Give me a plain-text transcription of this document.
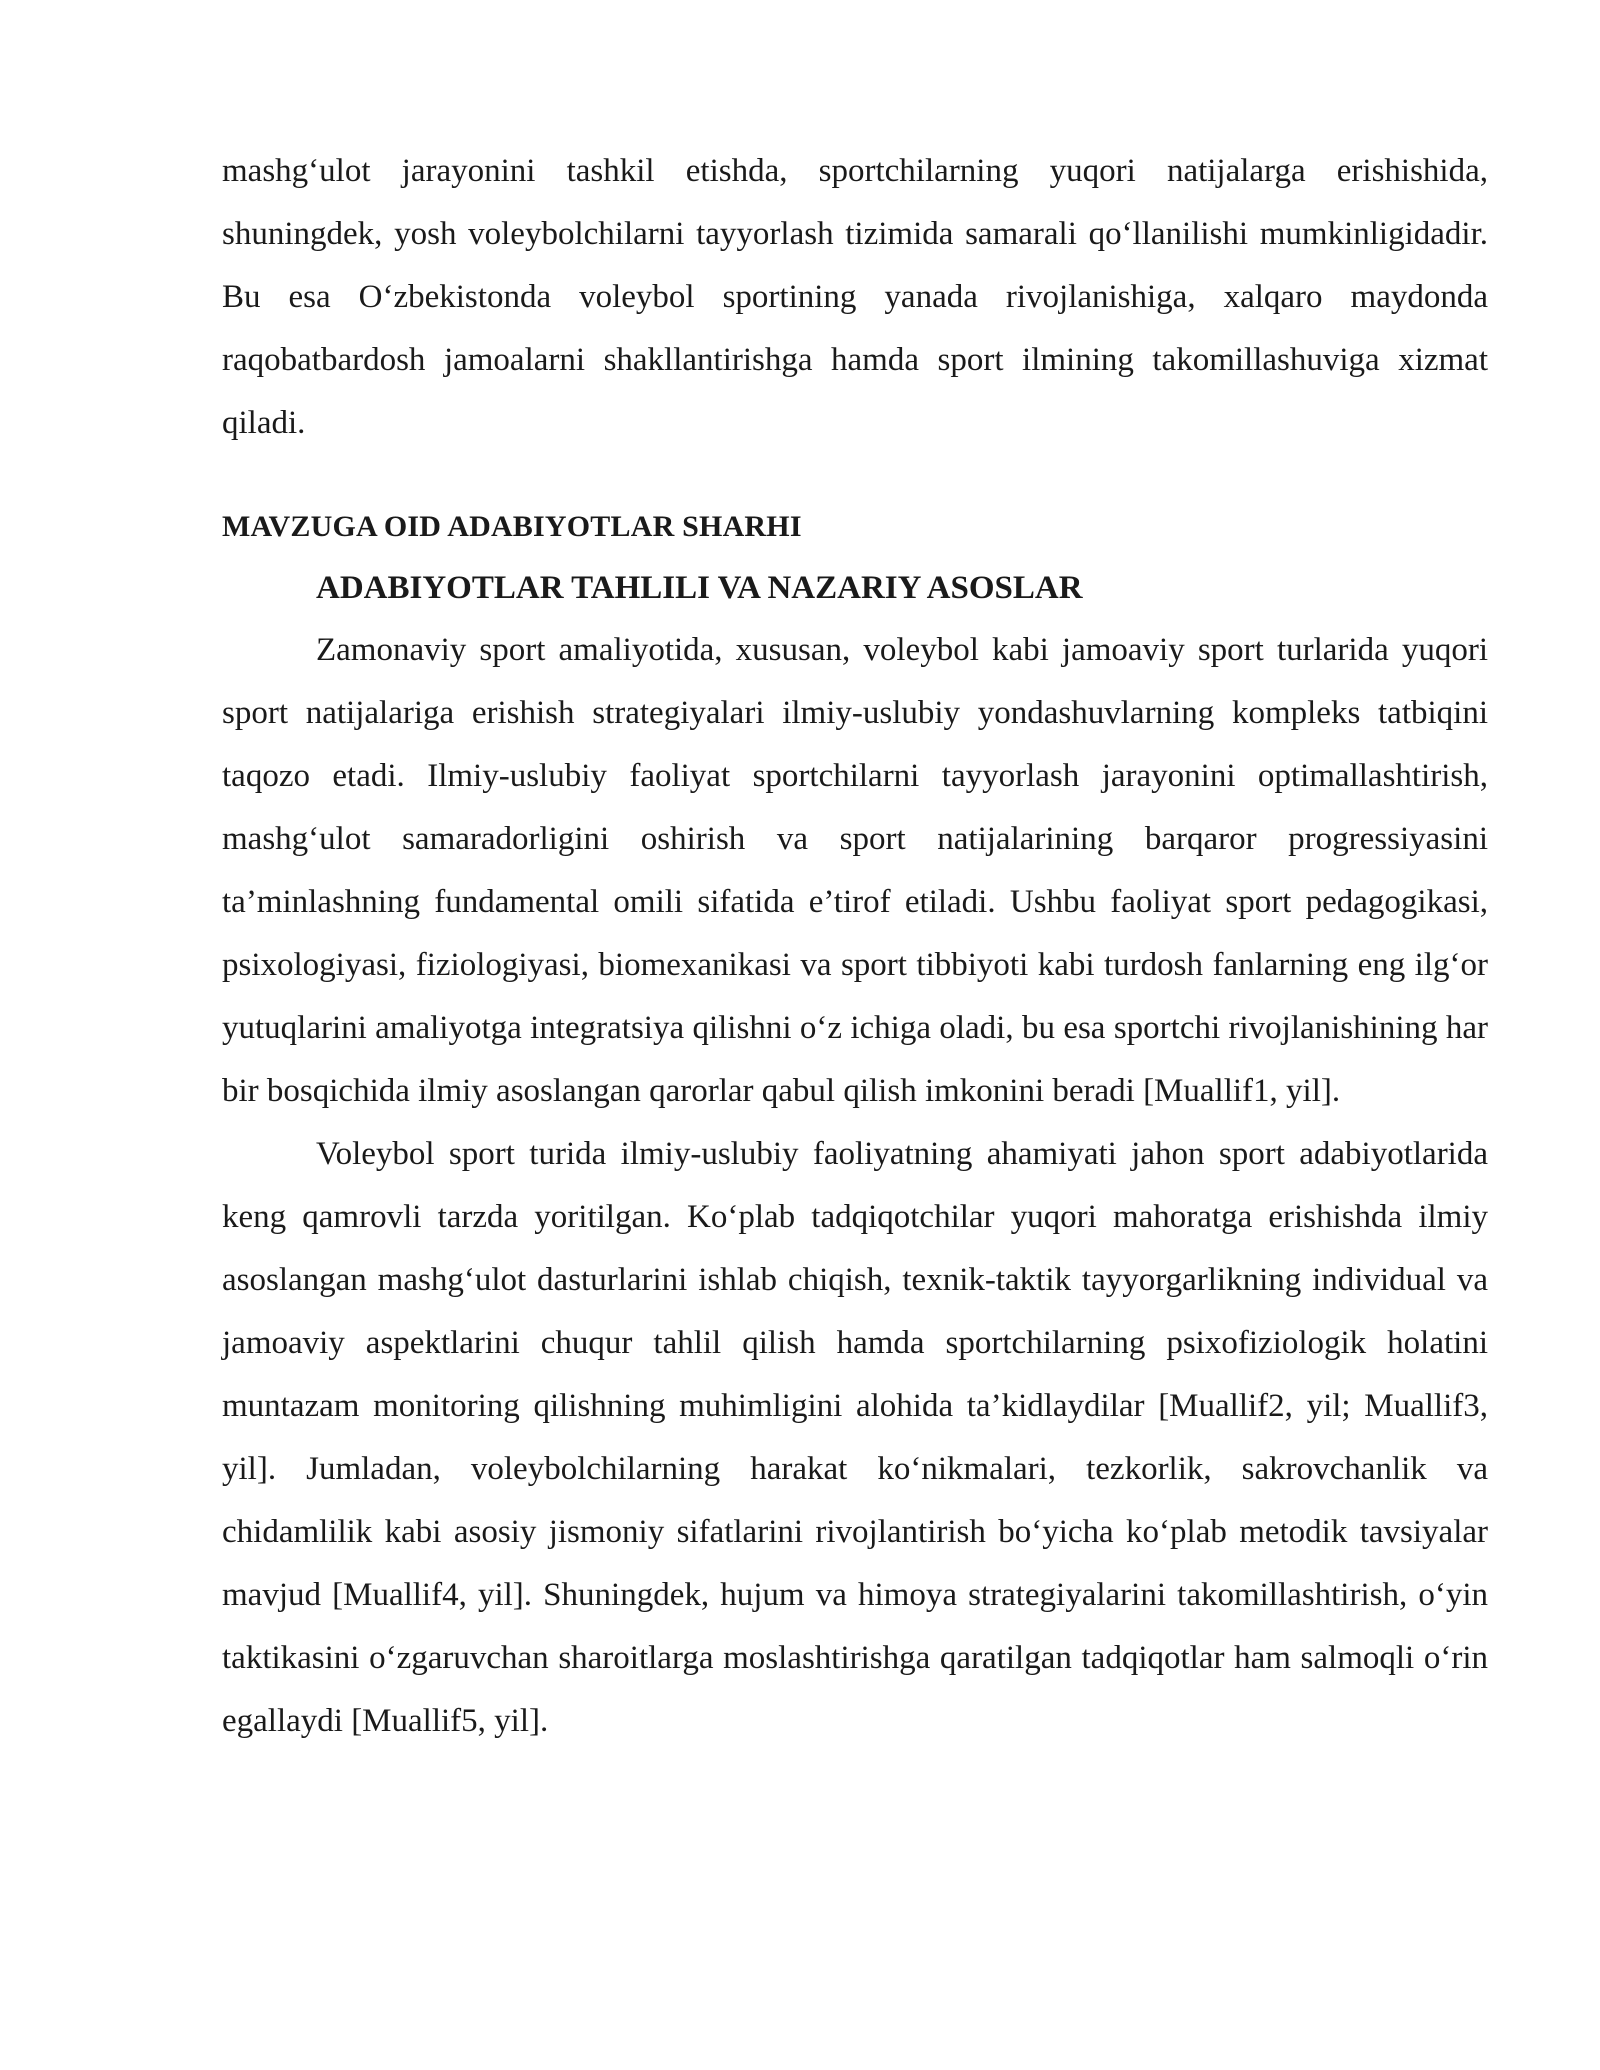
mashg‘ulot jarayonini tashkil etishda, sportchilarning yuqori natijalarga erishishida, shuningdek, yosh voleybolchilarni tayyorlash tizimida samarali qo‘llanilishi mumkinligidadir. Bu esa O‘zbekistonda voleybol sportining yanada rivojlanishiga, xalqaro maydonda raqobatbardosh jamoalarni shakllantirishga hamda sport ilmining takomillashuviga xizmat qiladi.

MAVZUGA OID ADABIYOTLAR SHARHI
ADABIYOTLAR TAHLILI VA NAZARIY ASOSLAR

Zamonaviy sport amaliyotida, xususan, voleybol kabi jamoaviy sport turlarida yuqori sport natijalariga erishish strategiyalari ilmiy-uslubiy yondashuvlarning kompleks tatbiqini taqozo etadi. Ilmiy-uslubiy faoliyat sportchilarni tayyorlash jarayonini optimallashtirish, mashg‘ulot samaradorligini oshirish va sport natijalarining barqaror progressiyasini ta’minlashning fundamental omili sifatida e’tirof etiladi. Ushbu faoliyat sport pedagogikasi, psixologiyasi, fiziologiyasi, biomexanikasi va sport tibbiyoti kabi turdosh fanlarning eng ilg‘or yutuqlarini amaliyotga integratsiya qilishni o‘z ichiga oladi, bu esa sportchi rivojlanishining har bir bosqichida ilmiy asoslangan qarorlar qabul qilish imkonini beradi [Muallif1, yil].

Voleybol sport turida ilmiy-uslubiy faoliyatning ahamiyati jahon sport adabiyotlarida keng qamrovli tarzda yoritilgan. Ko‘plab tadqiqotchilar yuqori mahoratga erishishda ilmiy asoslangan mashg‘ulot dasturlarini ishlab chiqish, texnik-taktik tayyorgarlikning individual va jamoaviy aspektlarini chuqur tahlil qilish hamda sportchilarning psixofiziologik holatini muntazam monitoring qilishning muhimligini alohida ta’kidlaydilar [Muallif2, yil; Muallif3, yil]. Jumladan, voleybolchilarning harakat ko‘nikmalari, tezkorlik, sakrovchanlik va chidamlilik kabi asosiy jismoniy sifatlarini rivojlantirish bo‘yicha ko‘plab metodik tavsiyalar mavjud [Muallif4, yil]. Shuningdek, hujum va himoya strategiyalarini takomillashtirish, o‘yin taktikasini o‘zgaruvchan sharoitlarga moslashtirishga qaratilgan tadqiqotlar ham salmoqli o‘rin egallaydi [Muallif5, yil].
